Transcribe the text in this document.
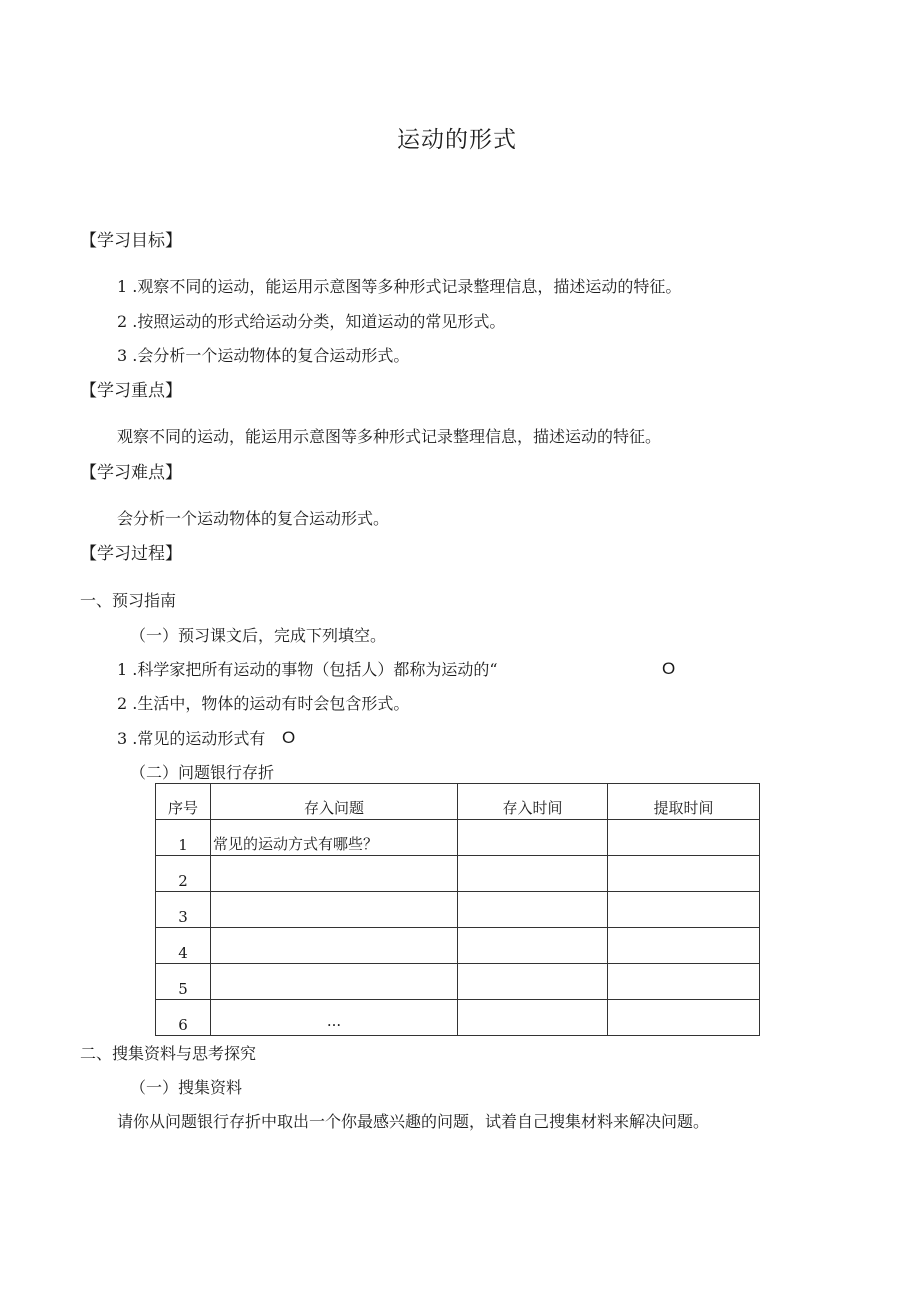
运动的形式
【学习目标】
1 .观察不同的运动，能运用示意图等多种形式记录整理信息，描述运动的特征。
2 .按照运动的形式给运动分类，知道运动的常见形式。
3 .会分析一个运动物体的复合运动形式。
【学习重点】
观察不同的运动，能运用示意图等多种形式记录整理信息，描述运动的特征。
【学习难点】
会分析一个运动物体的复合运动形式。
【学习过程】
一、预习指南
（一）预习课文后，完成下列填空。
1 .科学家把所有运动的事物（包括人）都称为运动的“	O
2 .生活中，物体的运动有时会包含形式。
3 .常见的运动形式有 O
（二）问题银行存折
序号	存入问题	存入时间	提取时间
1	常见的运动方式有哪些？		
2			
3			
4			
5			
6	···		
二、搜集资料与思考探究
（一）搜集资料
请你从问题银行存折中取出一个你最感兴趣的问题，试着自己搜集材料来解决问题。
